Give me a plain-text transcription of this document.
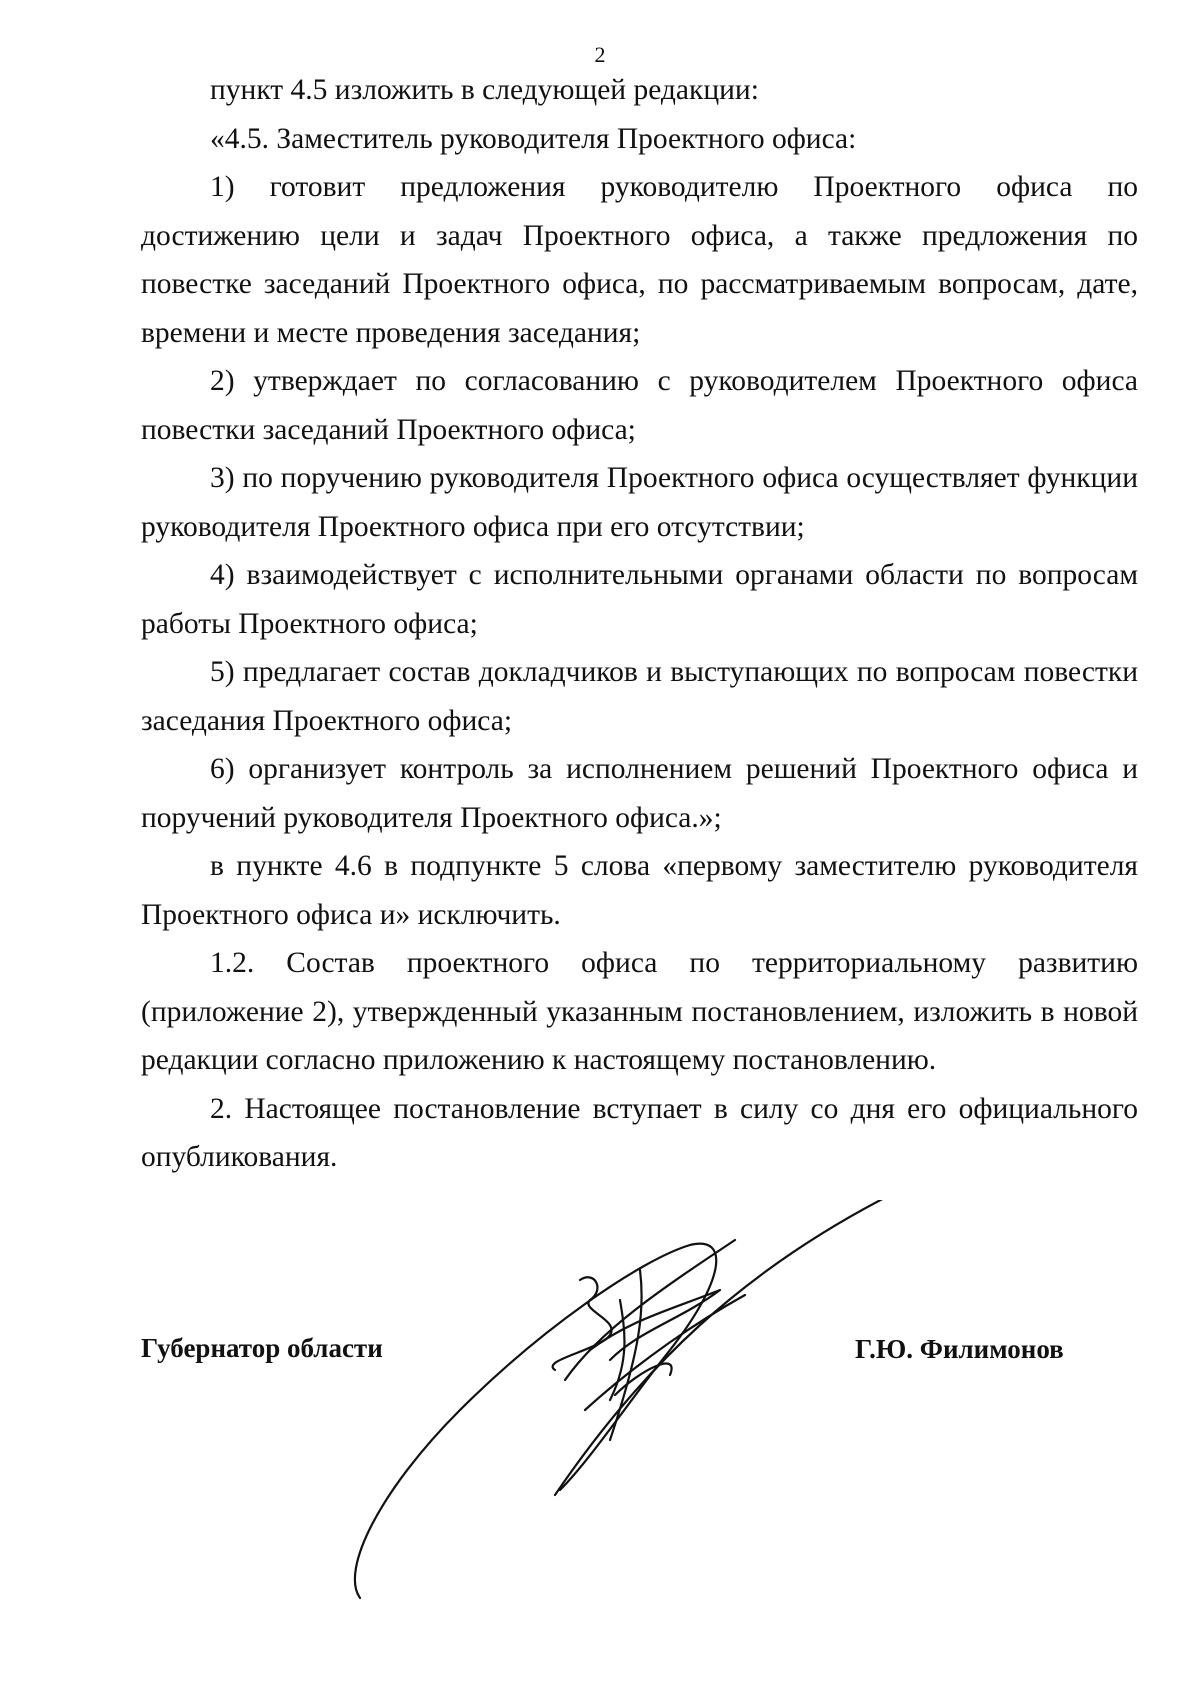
2

пункт 4.5 изложить в следующей редакции:

«4.5. Заместитель руководителя Проектного офиса:

1) готовит предложения руководителю Проектного офиса по достижению цели и задач Проектного офиса, а также предложения по повестке заседаний Проектного офиса, по рассматриваемым вопросам, дате, времени и месте проведения заседания;

2) утверждает по согласованию с руководителем Проектного офиса повестки заседаний Проектного офиса;

3) по поручению руководителя Проектного офиса осуществляет функции руководителя Проектного офиса при его отсутствии;

4) взаимодействует с исполнительными органами области по вопросам работы Проектного офиса;

5) предлагает состав докладчиков и выступающих по вопросам повестки заседания Проектного офиса;

6) организует контроль за исполнением решений Проектного офиса и поручений руководителя Проектного офиса.»;

в пункте 4.6 в подпункте 5 слова «первому заместителю руководителя Проектного офиса и» исключить.

1.2. Состав проектного офиса по территориальному развитию (приложение 2), утвержденный указанным постановлением, изложить в новой редакции согласно приложению к настоящему постановлению.

2. Настоящее постановление вступает в силу со дня его официального опубликования.

Губернатор области	Г.Ю. Филимонов
